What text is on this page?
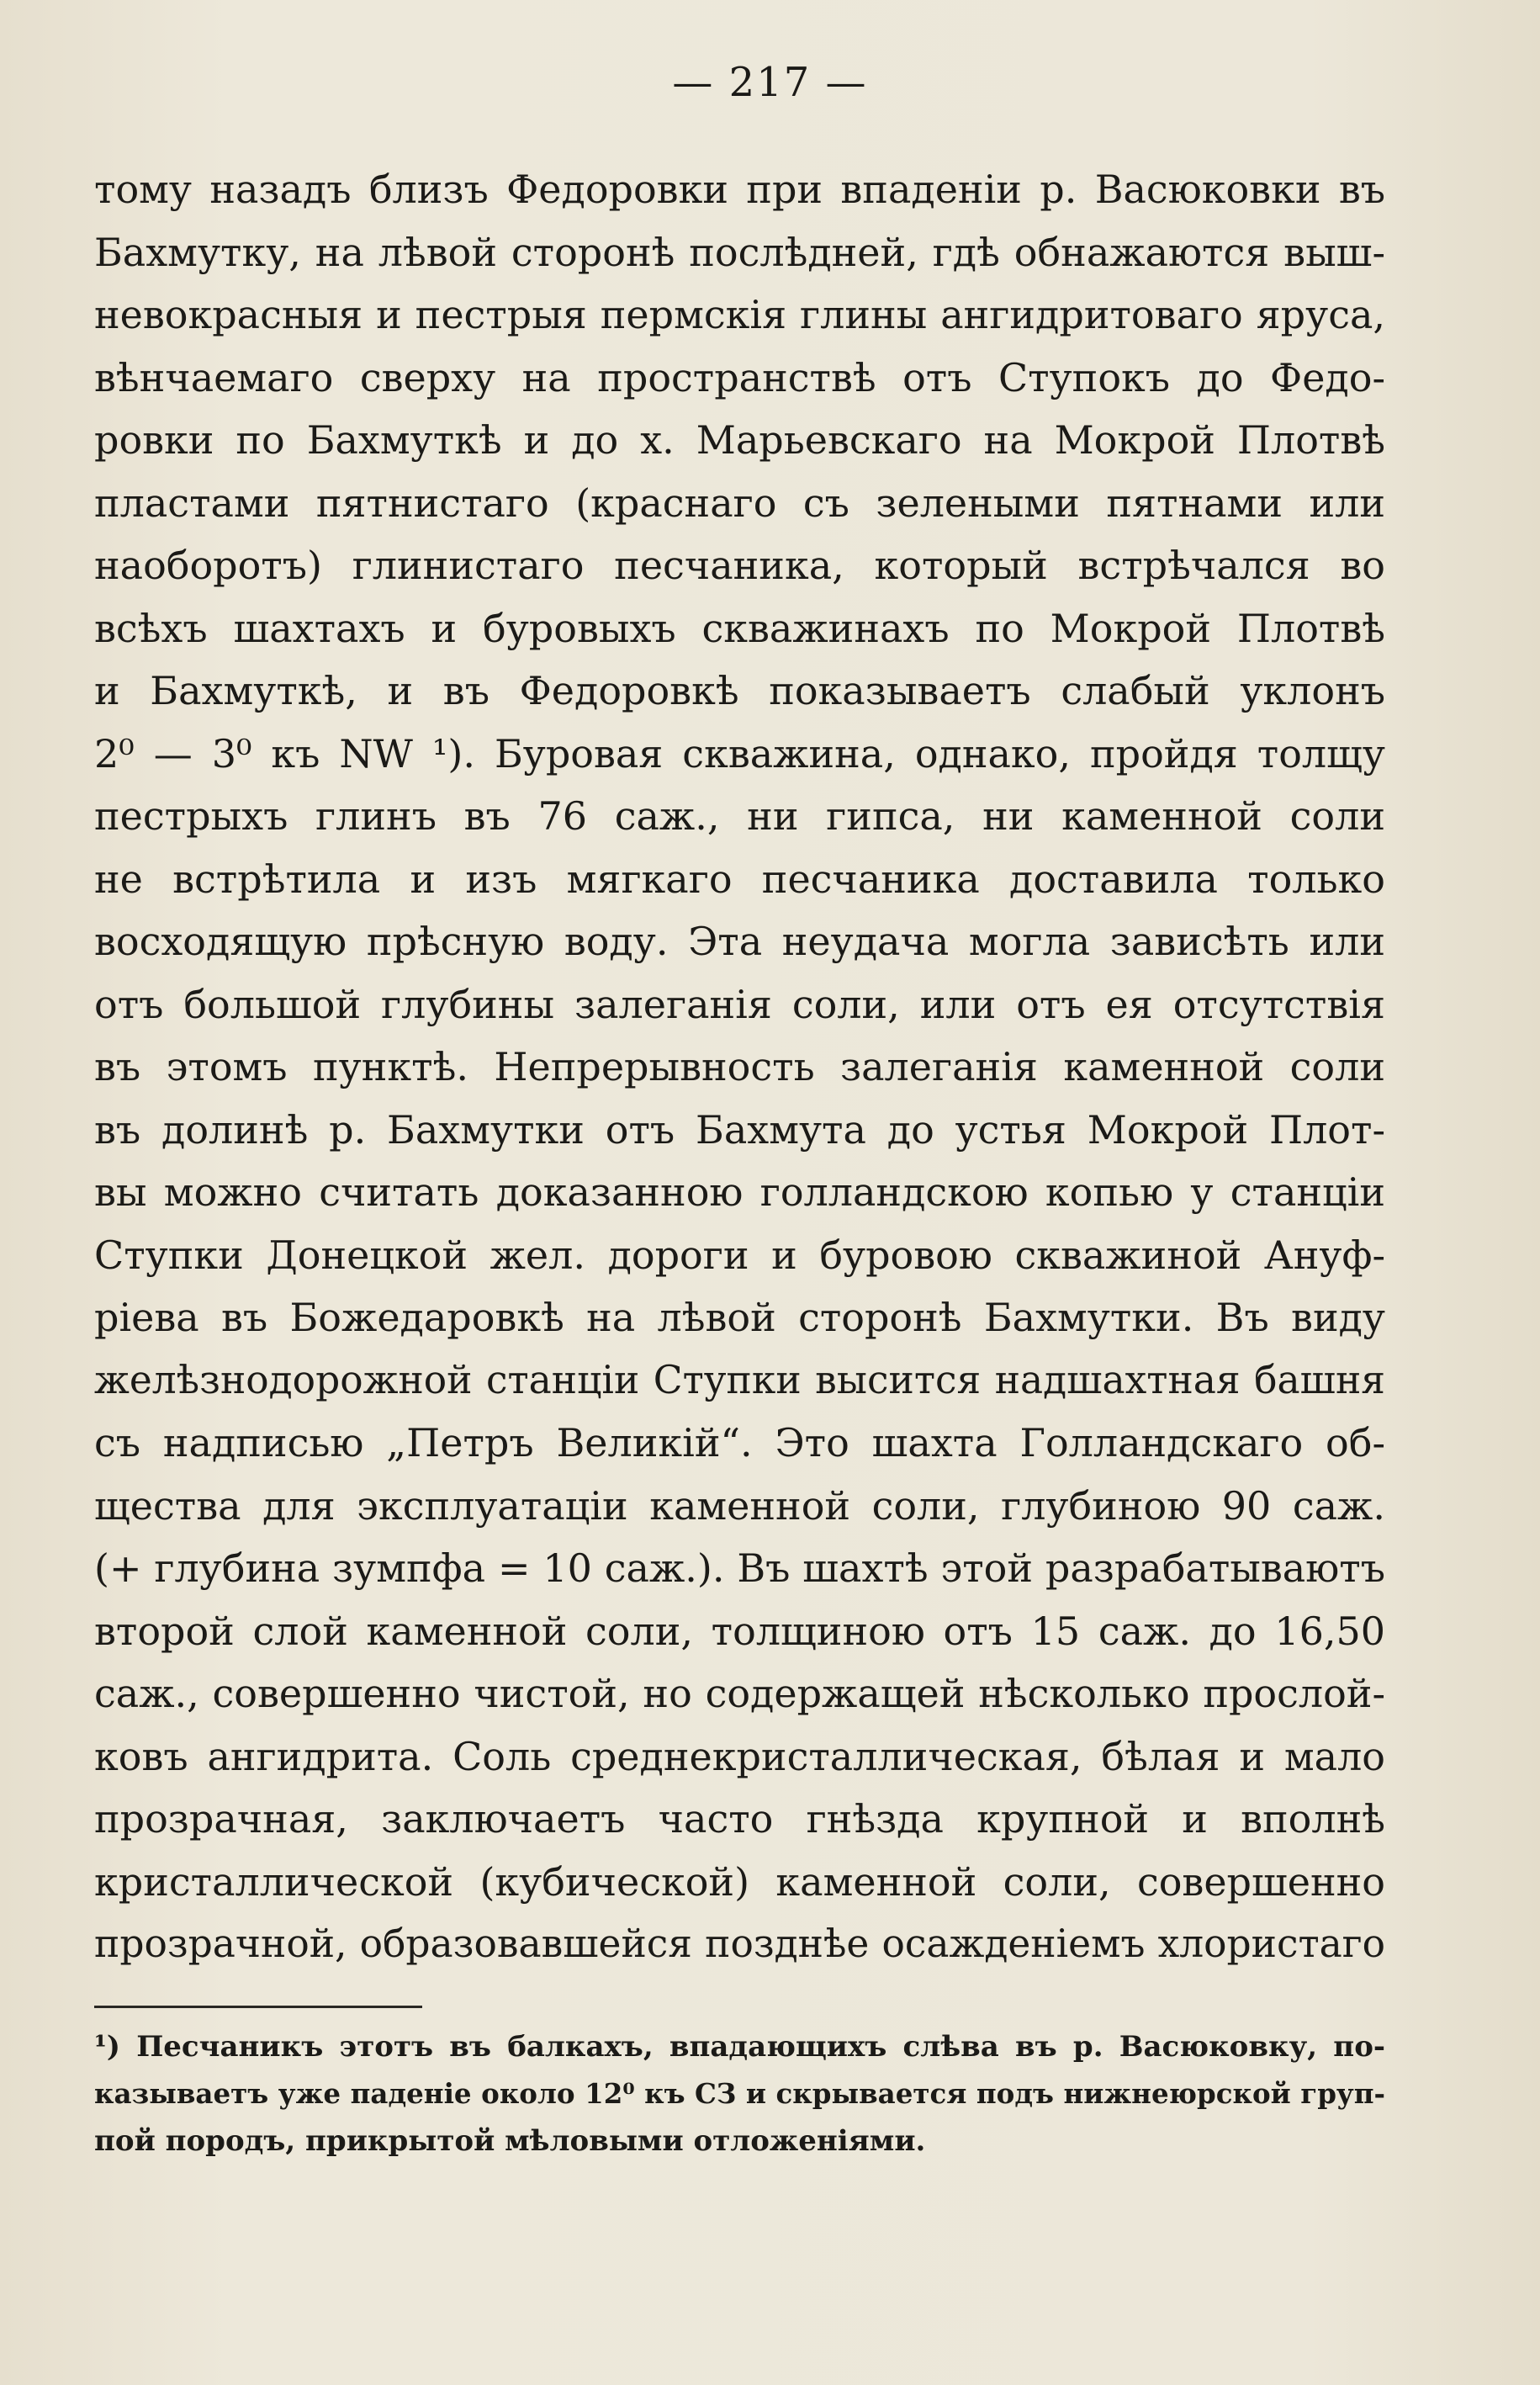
— 217 —
тому назадъ близъ Федоровки при впаденіи р. Васюковки въ
Бахмутку, на лѣвой сторонѣ послѣдней, гдѣ обнажаются выш-
невокрасныя и пестрыя пермскія глины ангидритоваго яруса,
вѣнчаемаго сверху на пространствѣ отъ Ступокъ до Федо-
ровки по Бахмуткѣ и до х. Марьевскаго на Мокрой Плотвѣ
пластами пятнистаго (краснаго съ зелеными пятнами или
наоборотъ) глинистаго песчаника, который встрѣчался во
всѣхъ шахтахъ и буровыхъ скважинахъ по Мокрой Плотвѣ
и Бахмуткѣ, и въ Федоровкѣ показываетъ слабый уклонъ
2⁰ — 3⁰ къ NW ¹). Буровая скважина, однако, пройдя толщу
пестрыхъ глинъ въ 76 саж., ни гипса, ни каменной соли
не встрѣтила и изъ мягкаго песчаника доставила только
восходящую прѣсную воду. Эта неудача могла зависѣть или
отъ большой глубины залеганія соли, или отъ ея отсутствія
въ этомъ пунктѣ. Непрерывность залеганія каменной соли
въ долинѣ р. Бахмутки отъ Бахмута до устья Мокрой Плот-
вы можно считать доказанною голландскою копью у станціи
Ступки Донецкой жел. дороги и буровою скважиной Ануф-
ріева въ Божедаровкѣ на лѣвой сторонѣ Бахмутки. Въ виду
желѣзнодорожной станціи Ступки высится надшахтная башня
съ надписью „Петръ Великій“. Это шахта Голландскаго об-
щества для эксплуатаціи каменной соли, глубиною 90 саж.
(+ глубина зумпфа = 10 саж.). Въ шахтѣ этой разрабатываютъ
второй слой каменной соли, толщиною отъ 15 саж. до 16,50
саж., совершенно чистой, но содержащей нѣсколько прослой-
ковъ ангидрита. Соль среднекристаллическая, бѣлая и мало
прозрачная, заключаетъ часто гнѣзда крупной и вполнѣ
кристаллической (кубической) каменной соли, совершенно
прозрачной, образовавшейся позднѣе осажденіемъ хлористаго
¹) Песчаникъ этотъ въ балкахъ, впадающихъ слѣва въ р. Васюковку, по-
казываетъ уже паденіе около 12⁰ къ СЗ и скрывается подъ нижнеюрской груп-
пой породъ, прикрытой мѣловыми отложеніями.
